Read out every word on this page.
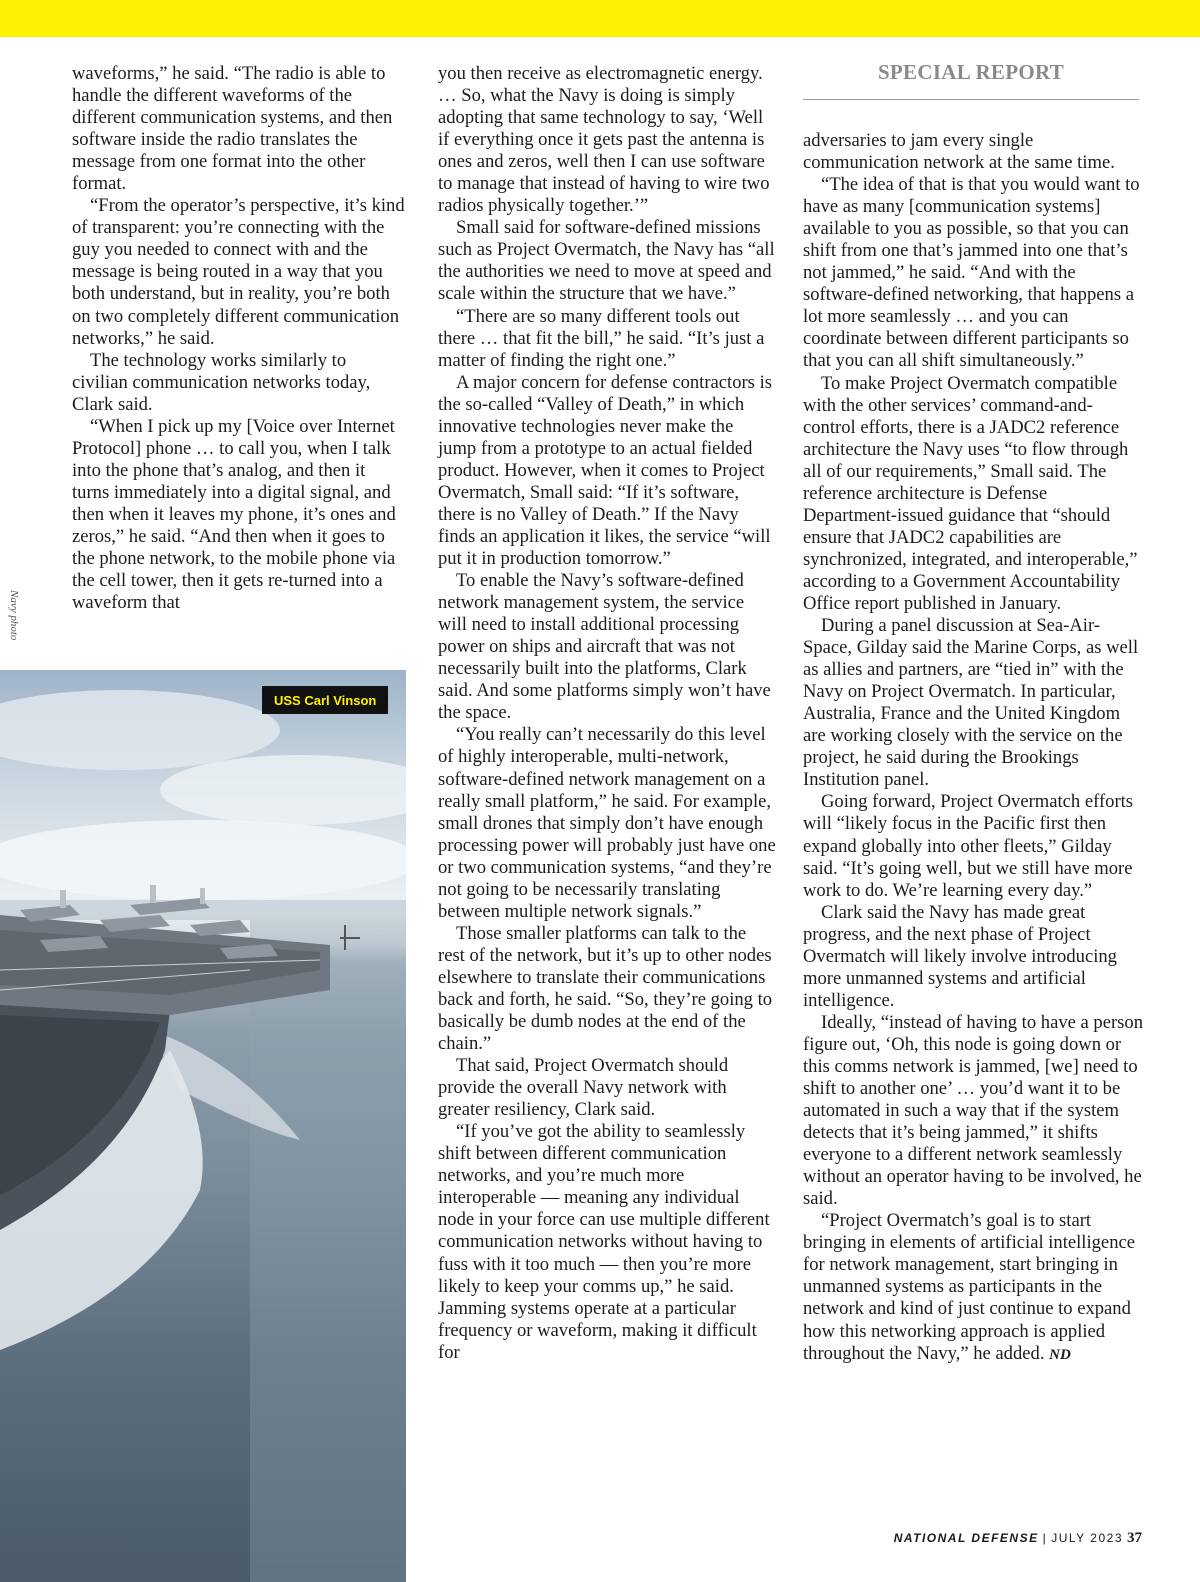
SPECIAL REPORT

waveforms,” he said. “The radio is able to handle the different waveforms of the different communication systems, and then software inside the radio translates the message from one format into the other format.

“From the operator’s perspective, it’s kind of transparent: you’re connecting with the guy you needed to connect with and the message is being routed in a way that you both understand, but in reality, you’re both on two completely different communication networks,” he said.

The technology works similarly to civilian communication networks today, Clark said.

“When I pick up my [Voice over Internet Protocol] phone … to call you, when I talk into the phone that’s analog, and then it turns immediately into a digital signal, and then when it leaves my phone, it’s ones and zeros,” he said. “And then when it goes to the phone network, to the mobile phone via the cell tower, then it gets re-turned into a waveform that

Navy photo
USS Carl Vinson

you then receive as electromagnetic energy. … So, what the Navy is doing is simply adopting that same technology to say, ‘Well if everything once it gets past the antenna is ones and zeros, well then I can use software to manage that instead of having to wire two radios physically together.’”

Small said for software-defined missions such as Project Overmatch, the Navy has “all the authorities we need to move at speed and scale within the structure that we have.”

“There are so many different tools out there … that fit the bill,” he said. “It’s just a matter of finding the right one.”

A major concern for defense contractors is the so-called “Valley of Death,” in which innovative technologies never make the jump from a prototype to an actual fielded product. However, when it comes to Project Overmatch, Small said: “If it’s software, there is no Valley of Death.” If the Navy finds an application it likes, the service “will put it in production tomorrow.”

To enable the Navy’s software-defined network management system, the service will need to install additional processing power on ships and aircraft that was not necessarily built into the platforms, Clark said. And some platforms simply won’t have the space.

“You really can’t necessarily do this level of highly interoperable, multi-network, software-defined network management on a really small platform,” he said. For example, small drones that simply don’t have enough processing power will probably just have one or two communication systems, “and they’re not going to be necessarily translating between multiple network signals.”

Those smaller platforms can talk to the rest of the network, but it’s up to other nodes elsewhere to translate their communications back and forth, he said. “So, they’re going to basically be dumb nodes at the end of the chain.”

That said, Project Overmatch should provide the overall Navy network with greater resiliency, Clark said.

“If you’ve got the ability to seamlessly shift between different communication networks, and you’re much more interoperable — meaning any individual node in your force can use multiple different communication networks without having to fuss with it too much — then you’re more likely to keep your comms up,” he said. Jamming systems operate at a particular frequency or waveform, making it difficult for

adversaries to jam every single communication network at the same time.

“The idea of that is that you would want to have as many [communication systems] available to you as possible, so that you can shift from one that’s jammed into one that’s not jammed,” he said. “And with the software-defined networking, that happens a lot more seamlessly … and you can coordinate between different participants so that you can all shift simultaneously.”

To make Project Overmatch compatible with the other services’ command-and-control efforts, there is a JADC2 reference architecture the Navy uses “to flow through all of our requirements,” Small said. The reference architecture is Defense Department-issued guidance that “should ensure that JADC2 capabilities are synchronized, integrated, and interoperable,” according to a Government Accountability Office report published in January.

During a panel discussion at Sea-Air-Space, Gilday said the Marine Corps, as well as allies and partners, are “tied in” with the Navy on Project Overmatch. In particular, Australia, France and the United Kingdom are working closely with the service on the project, he said during the Brookings Institution panel.

Going forward, Project Overmatch efforts will “likely focus in the Pacific first then expand globally into other fleets,” Gilday said. “It’s going well, but we still have more work to do. We’re learning every day.”

Clark said the Navy has made great progress, and the next phase of Project Overmatch will likely involve introducing more unmanned systems and artificial intelligence.

Ideally, “instead of having to have a person figure out, ‘Oh, this node is going down or this comms network is jammed, [we] need to shift to another one’ … you’d want it to be automated in such a way that if the system detects that it’s being jammed,” it shifts everyone to a different network seamlessly without an operator having to be involved, he said.

“Project Overmatch’s goal is to start bringing in elements of artificial intelligence for network management, start bringing in unmanned systems as participants in the network and kind of just continue to expand how this networking approach is applied throughout the Navy,” he added. ND

NATIONAL DEFENSE | JULY 2023 37
